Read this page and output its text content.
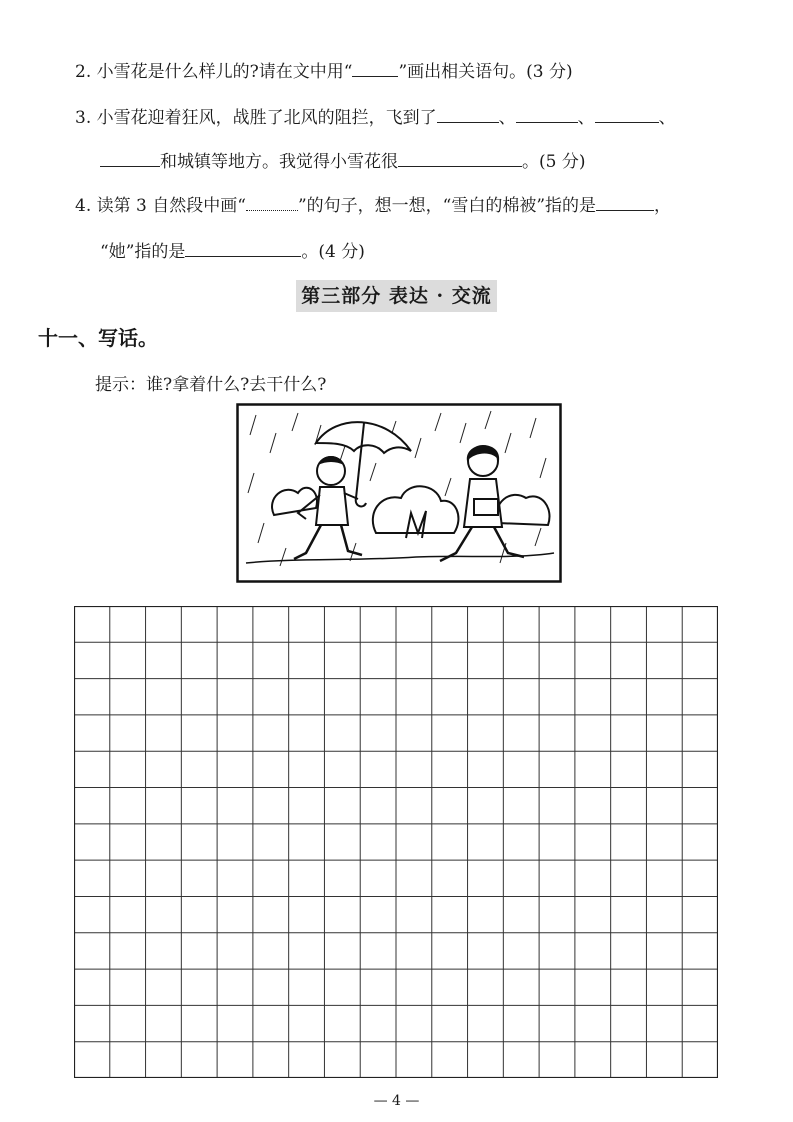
2. 小雪花是什么样儿的?请在文中用“	”画出相关语句。(3 分)
3. 小雪花迎着狂风，战胜了北风的阻拦，飞到了	、	、	、
和城镇等地方。我觉得小雪花很	。(5 分)
4. 读第 3 自然段中画“	”的句子，想一想，“雪白的棉被”指的是	，
“她”指的是	。(4 分)
第三部分 表达 · 交流
十一、写话。
提示：谁?拿着什么?去干什么?
— 4 —
